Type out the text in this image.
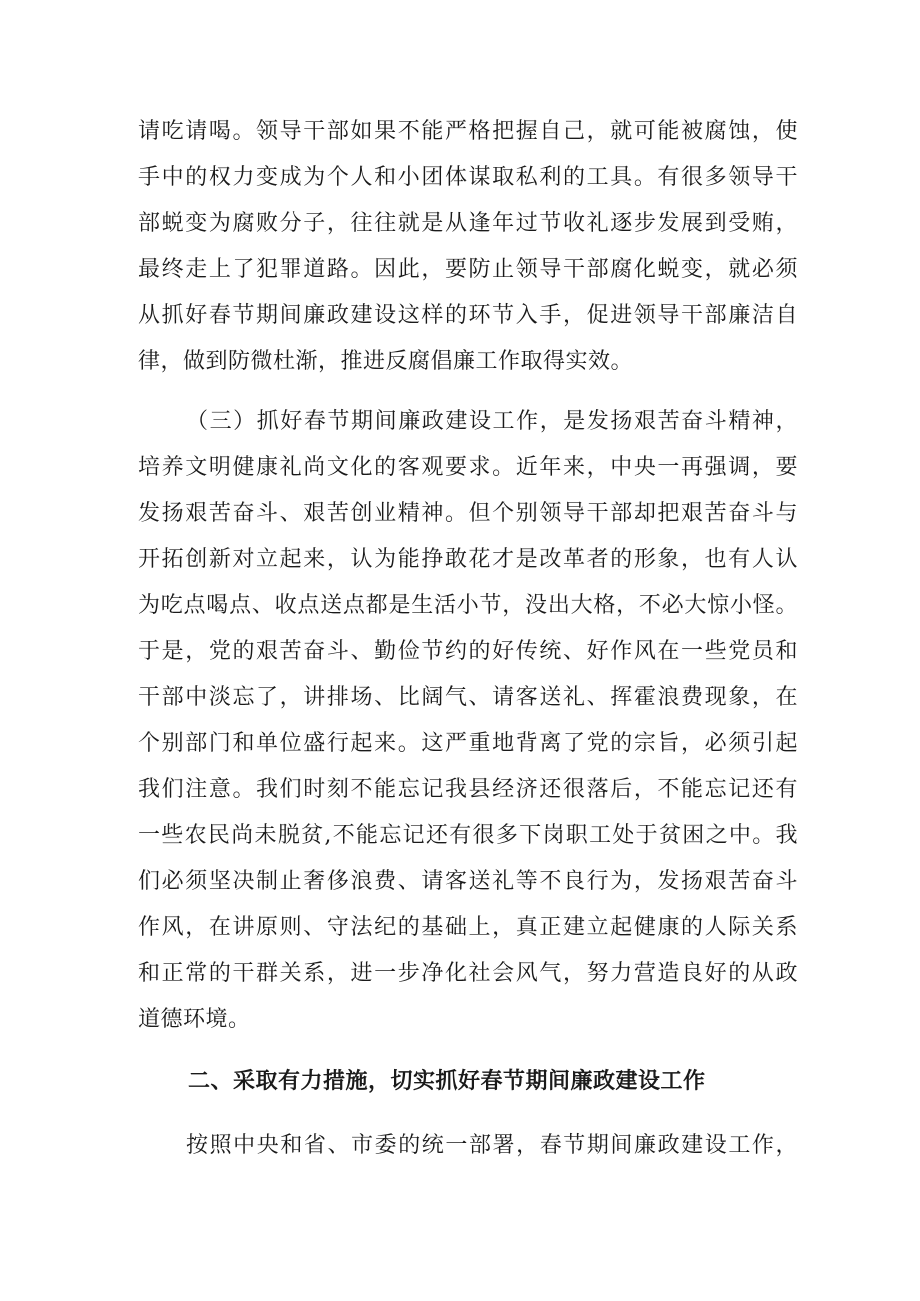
请吃请喝。领导干部如果不能严格把握自己，就可能被腐蚀，使
手中的权力变成为个人和小团体谋取私利的工具。有很多领导干
部蜕变为腐败分子，往往就是从逢年过节收礼逐步发展到受贿，
最终走上了犯罪道路。因此，要防止领导干部腐化蜕变，就必须
从抓好春节期间廉政建设这样的环节入手，促进领导干部廉洁自
律，做到防微杜渐，推进反腐倡廉工作取得实效。
（三）抓好春节期间廉政建设工作，是发扬艰苦奋斗精神，
培养文明健康礼尚文化的客观要求。近年来，中央一再强调，要
发扬艰苦奋斗、艰苦创业精神。但个别领导干部却把艰苦奋斗与
开拓创新对立起来，认为能挣敢花才是改革者的形象，也有人认
为吃点喝点、收点送点都是生活小节，没出大格，不必大惊小怪。
于是，党的艰苦奋斗、勤俭节约的好传统、好作风在一些党员和
干部中淡忘了，讲排场、比阔气、请客送礼、挥霍浪费现象，在
个别部门和单位盛行起来。这严重地背离了党的宗旨，必须引起
我们注意。我们时刻不能忘记我县经济还很落后，不能忘记还有
一些农民尚未脱贫,不能忘记还有很多下岗职工处于贫困之中。我
们必须坚决制止奢侈浪费、请客送礼等不良行为，发扬艰苦奋斗
作风，在讲原则、守法纪的基础上，真正建立起健康的人际关系
和正常的干群关系，进一步净化社会风气，努力营造良好的从政
道德环境。
二、采取有力措施，切实抓好春节期间廉政建设工作
按照中央和省、市委的统一部署，春节期间廉政建设工作，
